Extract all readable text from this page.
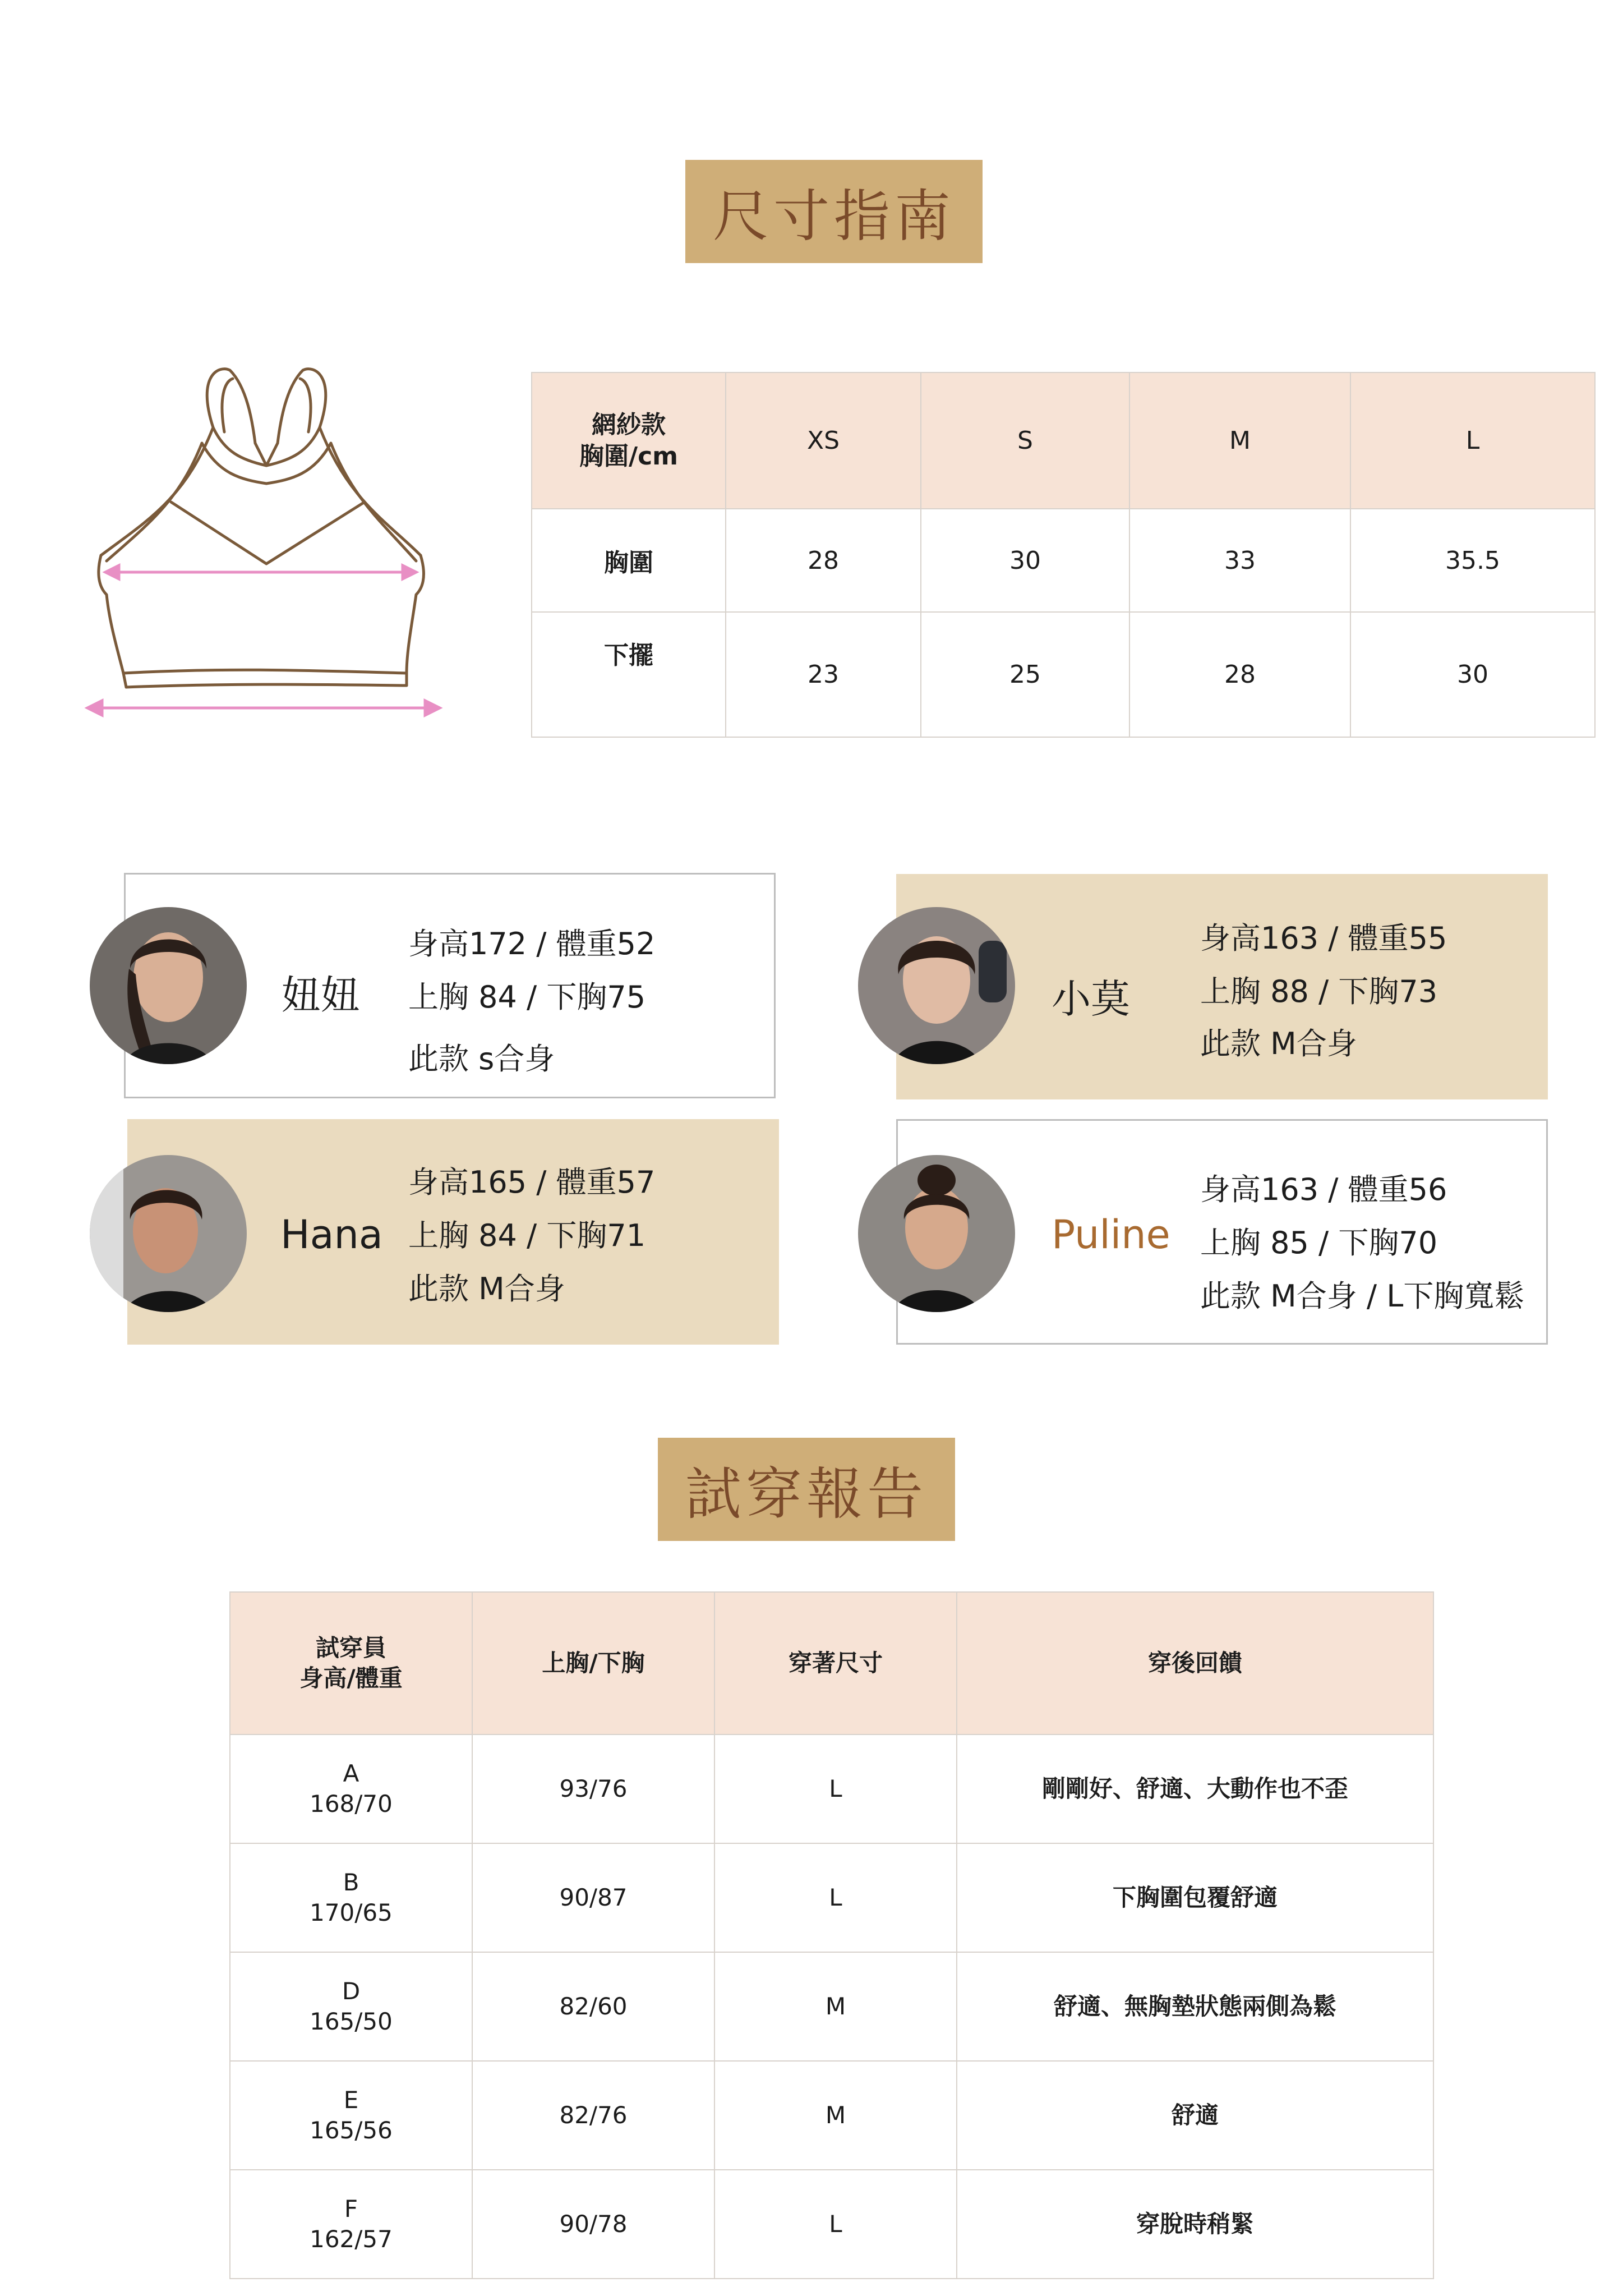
尺寸指南
網紗款
胸圍/cm	XS	S	M	L
胸圍	28	30	33	35.5
下擺	23	25	28	30
妞妞
身高172 / 體重52
上胸 84 / 下胸75
此款 s合身
小莫
身高163 / 體重55
上胸 88 / 下胸73
此款 M合身
Hana
身高165 / 體重57
上胸 84 / 下胸71
此款 M合身
Puline
身高163 / 體重56
上胸 85 / 下胸70
此款 M合身 / L下胸寬鬆
試穿報告
試穿員
身高/體重	上胸/下胸	穿著尺寸	穿後回饋

A
168/70	93/76	L	剛剛好、舒適、大動作也不歪

B
170/65	90/87	L	下胸圍包覆舒適

D
165/50	82/60	M	舒適、無胸墊狀態兩側為鬆

E
165/56	82/76	M	舒適

F
162/57	90/78	L	穿脫時稍緊
